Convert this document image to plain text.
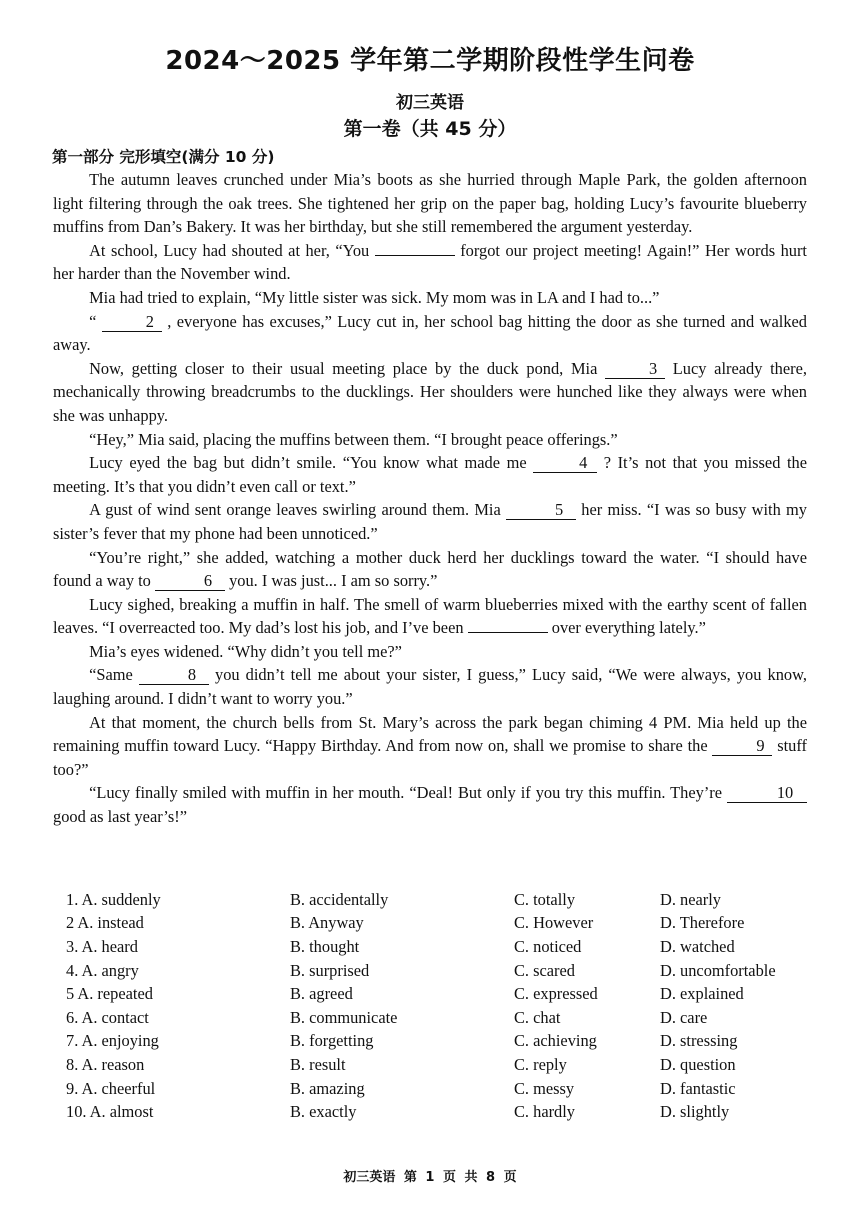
2024～2025 学年第二学期阶段性学生问卷
初三英语
第一卷（共 45 分）
第一部分 完形填空(满分 10 分)

The autumn leaves crunched under Mia’s boots as she hurried through Maple Park, the golden afternoon light filtering through the oak trees. She tightened her grip on the paper bag, holding Lucy’s favourite blueberry muffins from Dan’s Bakery. It was her birthday, but she still remembered the argument yesterday.

At school, Lucy had shouted at her, “You	forgot our project meeting! Again!” Her words hurt her harder than the November wind.

Mia had tried to explain, “My little sister was sick. My mom was in LA and I had to...”

“	2 , everyone has excuses,” Lucy cut in, her school bag hitting the door as she turned and walked away.

Now, getting closer to their usual meeting place by the duck pond, Mia	3 Lucy already there, mechanically throwing breadcrumbs to the ducklings. Her shoulders were hunched like they always were when she was unhappy.

“Hey,” Mia said, placing the muffins between them. “I brought peace offerings.”

Lucy eyed the bag but didn’t smile. “You know what made me	4 ? It’s not that you missed the meeting. It’s that you didn’t even call or text.”

A gust of wind sent orange leaves swirling around them. Mia	5 her miss. “I was so busy with my sister’s fever that my phone had been unnoticed.”

“You’re right,” she added, watching a mother duck herd her ducklings toward the water. “I should have found a way to	6 you. I was just... I am so sorry.”

Lucy sighed, breaking a muffin in half. The smell of warm blueberries mixed with the earthy scent of fallen leaves. “I overreacted too. My dad’s lost his job, and I’ve been	over everything lately.”

Mia’s eyes widened. “Why didn’t you tell me?”

“Same	8 you didn’t tell me about your sister, I guess,” Lucy said, “We were always, you know, laughing around. I didn’t want to worry you.”

At that moment, the church bells from St. Mary’s across the park began chiming 4 PM. Mia held up the remaining muffin toward Lucy. “Happy Birthday. And from now on, shall we promise to share the	9 stuff too?”

“Lucy finally smiled with muffin in her mouth. “Deal! But only if you try this muffin. They’re	10 good as last year’s!”

1. A. suddenly	B. accidentally	C. totally	D. nearly
2 A. instead	B. Anyway	C. However	D. Therefore
3. A. heard	B. thought	C. noticed	D. watched
4. A. angry	B. surprised	C. scared	D. uncomfortable
5 A. repeated	B. agreed	C. expressed	D. explained
6. A. contact	B. communicate	C. chat	D. care
7. A. enjoying	B. forgetting	C. achieving	D. stressing
8. A. reason	B. result	C. reply	D. question
9. A. cheerful	B. amazing	C. messy	D. fantastic
10. A. almost	B. exactly	C. hardly	D. slightly
初三英语 第 1 页 共 8 页
